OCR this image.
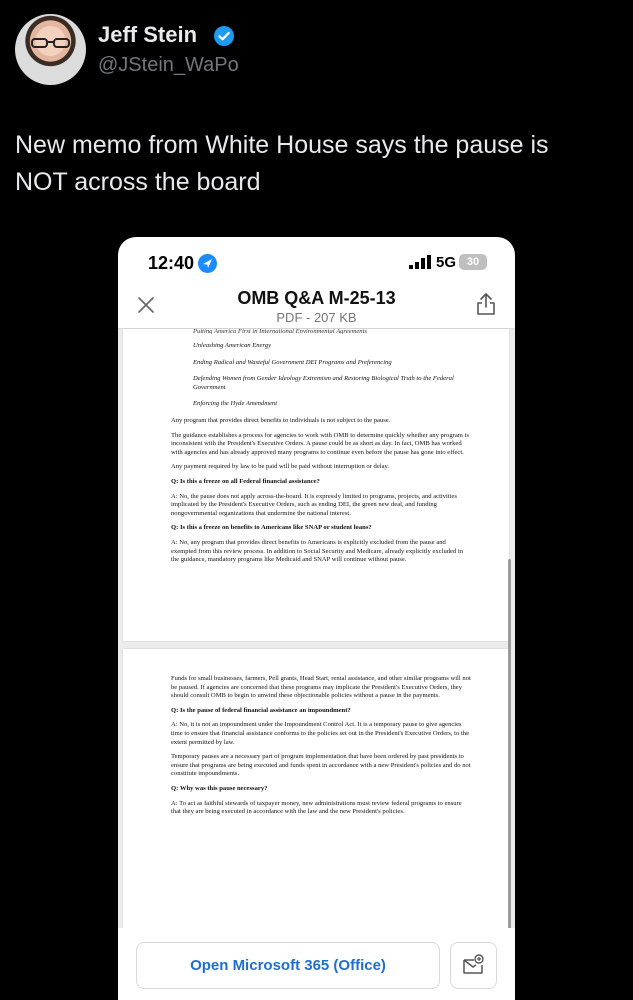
Jeff Stein
@JStein_WaPo
New memo from White House says the pause is
NOT across the board
12:40	5G 30
OMB Q&A M-25-13
PDF - 207 KB
Putting America First in International Environmental Agreements
Unleashing American Energy
Ending Radical and Wasteful Government DEI Programs and Preferencing
Defending Women from Gender Ideology Extremism and Restoring Biological Truth to the Federal Government
Enforcing the Hyde Amendment
Any program that provides direct benefits to individuals is not subject to the pause.
The guidance establishes a process for agencies to work with OMB to determine quickly whether any program is inconsistent with the President's Executive Orders. A pause could be as short as day. In fact, OMB has worked with agencies and has already approved many programs to continue even before the pause has gone into effect.
Any payment required by law to be paid will be paid without interruption or delay.
Q: Is this a freeze on all Federal financial assistance?
A: No, the pause does not apply across-the-board. It is expressly limited to programs, projects, and activities implicated by the President's Executive Orders, such as ending DEI, the green new deal, and funding nongovernmental organizations that undermine the national interest.
Q: Is this a freeze on benefits to Americans like SNAP or student loans?
A: No, any program that provides direct benefits to Americans is explicitly excluded from the pause and exempted from this review process. In addition to Social Security and Medicare, already explicitly excluded in the guidance, mandatory programs like Medicaid and SNAP will continue without pause.
Funds for small businesses, farmers, Pell grants, Head Start, rental assistance, and other similar programs will not be paused. If agencies are concerned that these programs may implicate the President's Executive Orders, they should consult OMB to begin to unwind these objectionable policies without a pause in the payments.
Q: Is the pause of federal financial assistance an impoundment?
A: No, it is not an impoundment under the Impoundment Control Act. It is a temporary pause to give agencies time to ensure that financial assistance conforms to the policies set out in the President's Executive Orders, to the extent permitted by law.
Temporary pauses are a necessary part of program implementation that have been ordered by past presidents to ensure that programs are being executed and funds spent in accordance with a new President's policies and do not constitute impoundments.
Q: Why was this pause necessary?
A: To act as faithful stewards of taxpayer money, new administrations must review federal programs to ensure that they are being executed in accordance with the law and the new President's policies.
Open Microsoft 365 (Office)
